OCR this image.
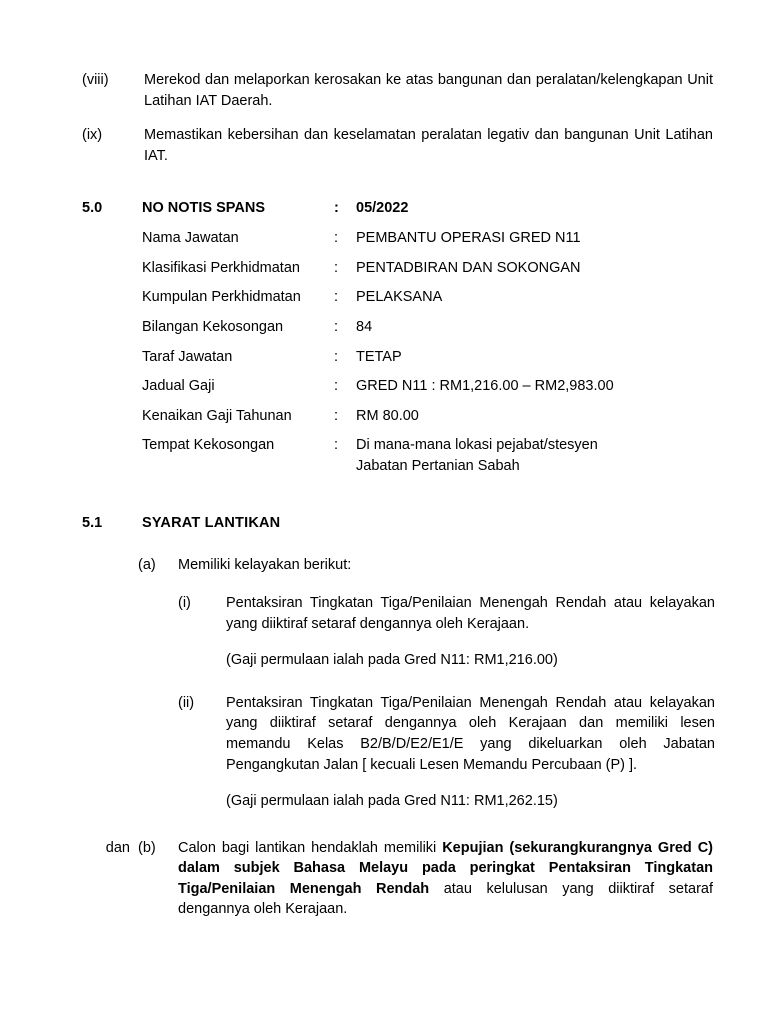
(viii)	Merekod dan melaporkan kerosakan ke atas bangunan dan peralatan/kelengkapan Unit Latihan IAT Daerah.
(ix)	Memastikan kebersihan dan keselamatan peralatan legativ dan bangunan Unit Latihan IAT.
5.0	NO NOTIS SPANS	:	05/2022
Nama Jawatan	:	PEMBANTU OPERASI GRED N11
Klasifikasi Perkhidmatan	:	PENTADBIRAN DAN SOKONGAN
Kumpulan Perkhidmatan	:	PELAKSANA
Bilangan Kekosongan	:	84
Taraf Jawatan	:	TETAP
Jadual Gaji	:	GRED N11 : RM1,216.00 – RM2,983.00
Kenaikan Gaji Tahunan	:	RM 80.00
Tempat Kekosongan	:	Di mana-mana lokasi pejabat/stesyen
Jabatan Pertanian Sabah
5.1	SYARAT LANTIKAN
(a)	Memiliki kelayakan berikut:
(i)	Pentaksiran Tingkatan Tiga/Penilaian Menengah Rendah atau kelayakan yang diiktiraf setaraf dengannya oleh Kerajaan.
(Gaji permulaan ialah pada Gred N11: RM1,216.00)
(ii)	Pentaksiran Tingkatan Tiga/Penilaian Menengah Rendah atau kelayakan yang diiktiraf setaraf dengannya oleh Kerajaan dan memiliki lesen memandu Kelas B2/B/D/E2/E1/E yang dikeluarkan oleh Jabatan Pengangkutan Jalan [ kecuali Lesen Memandu Percubaan (P) ].
(Gaji permulaan ialah pada Gred N11: RM1,262.15)
dan (b)	Calon bagi lantikan hendaklah memiliki Kepujian (sekurangkurangnya Gred C) dalam subjek Bahasa Melayu pada peringkat Pentaksiran Tingkatan Tiga/Penilaian Menengah Rendah atau kelulusan yang diiktiraf setaraf dengannya oleh Kerajaan.
